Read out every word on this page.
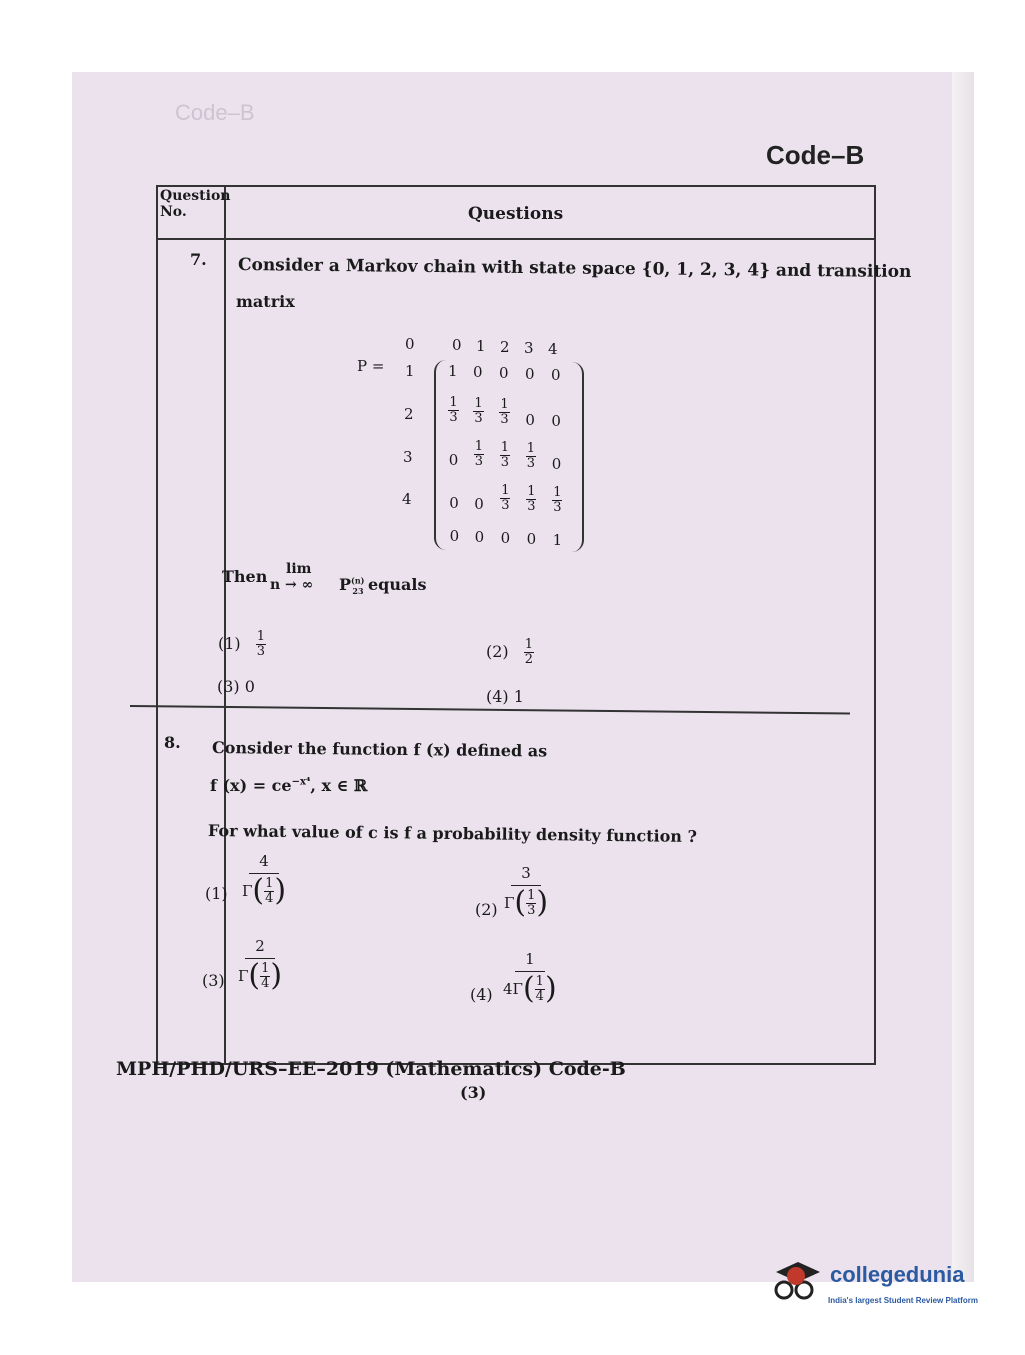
Code–B
Code–B
Question No.	Questions
7. Consider a Markov chain with state space {0, 1, 2, 3, 4} and transition
matrix
P =
0 1 2 3 4
0
1
2
3
4
1 0 0 0 0
$\frac{1}{3} \frac{1}{3} \frac{1}{3} 0$ 0
$0 \frac{1}{3} \frac{1}{3} \frac{1}{3} 0$
0 $0 \frac{1}{3} \frac{1}{3} \frac{1}{3}$
0 0 0 0 1
Then lim
n → ∞ $P^{(n)}_{23}$ equals
$(1) \frac{1}{3}$	$(2) \frac{1}{2}$
(3) 0
(4) 1
8. Consider the function f (x) defined as
f $(x) = ce^{-x^4}$, x ∈ ℝ
For what value of c is f a probability density function ?
$(1) \frac{4}{\Gamma ( \frac{1}{4} )}$
$(2) \frac{3}{\Gamma ( \frac{1}{3} )}$
$(3) \frac{2}{\Gamma ( \frac{1}{4} )}$
$(4) \frac{1}{4\Gamma ( \frac{1}{4} )}$
MPH/PHD/URS–EE–2019 (Mathematics) Code-B
(3)
collegedunia
India's largest Student Review Platform
